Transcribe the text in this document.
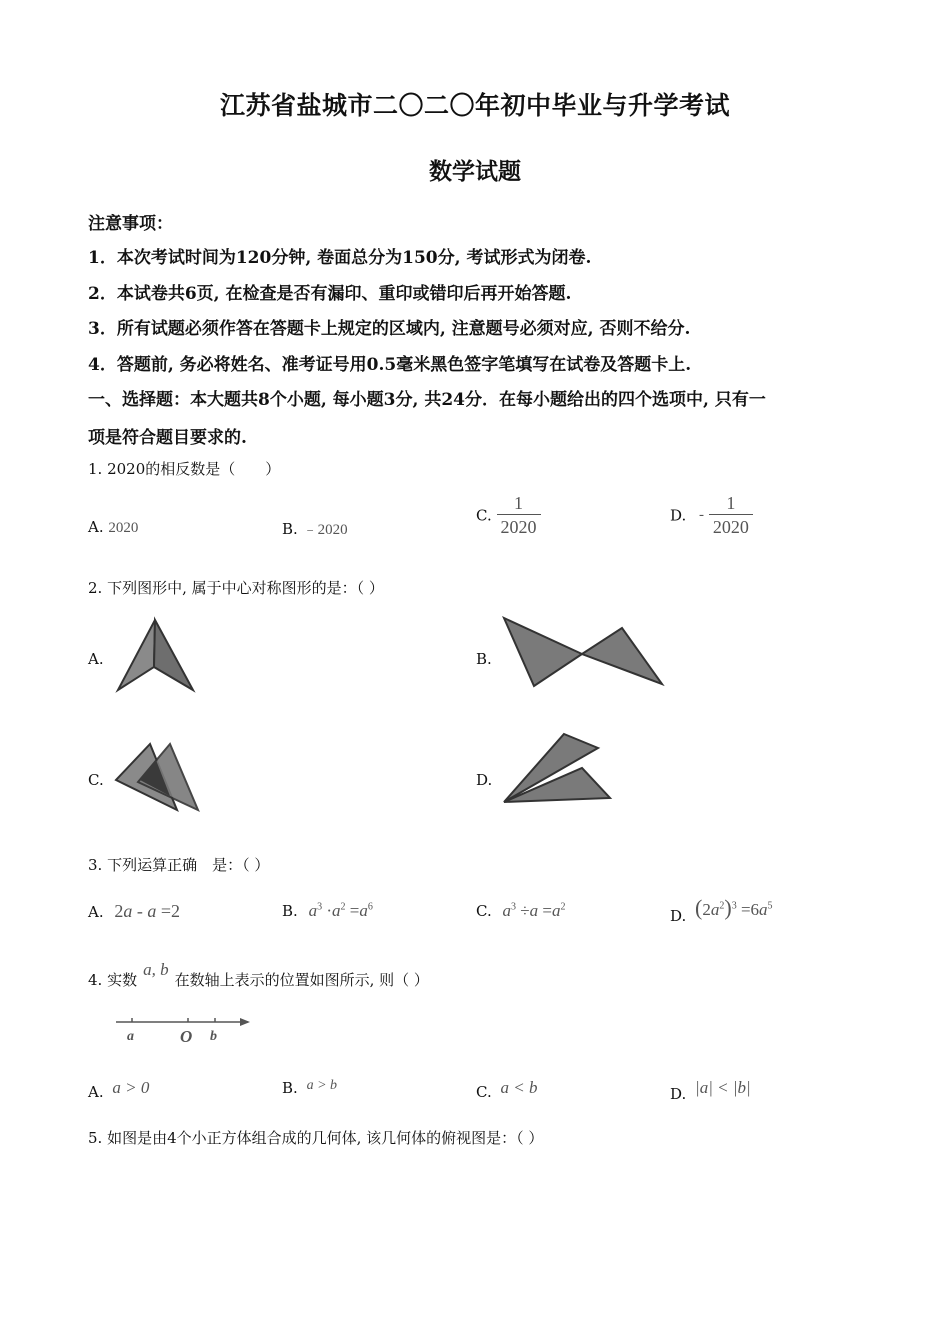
江苏省盐城市二〇二〇年初中毕业与升学考试
数学试题
注意事项：
1．本次考试时间为120分钟, 卷面总分为150分, 考试形式为闭卷.
2．本试卷共6页, 在检查是否有漏印、重印或错印后再开始答题.
3．所有试题必须作答在答题卡上规定的区域内, 注意题号必须对应, 否则不给分.
4．答题前, 务必将姓名、准考证号用0.5毫米黑色签字笔填写在试卷及答题卡上.
一、选择题：本大题共8个小题, 每小题3分, 共24分．在每小题给出的四个选项中, 只有一
项是符合题目要求的.
1. 2020的相反数是（　　）
A. 2020	B. ﹣2020
C. $\frac{1}{2020}$	D. - $\frac{1}{2020}$
2. 下列图形中, 属于中心对称图形的是：（ ）
A.	B.
C.	D.
3. 下列运算正确　是：（ ）
A. 2a - a =2	B. $a^3 \cdot a^2 =a^6$	C. $a^3 \div a =a^2$
D. $(2a^2)^3 =6a^5$
4. 实数a, b在数轴上表示的位置如图所示, 则（ ）
a	O b
A. a > 0	B. a > b	C. a < b	D. |a| < |b|
5. 如图是由4个小正方体组合成的几何体, 该几何体的俯视图是：（ ）
